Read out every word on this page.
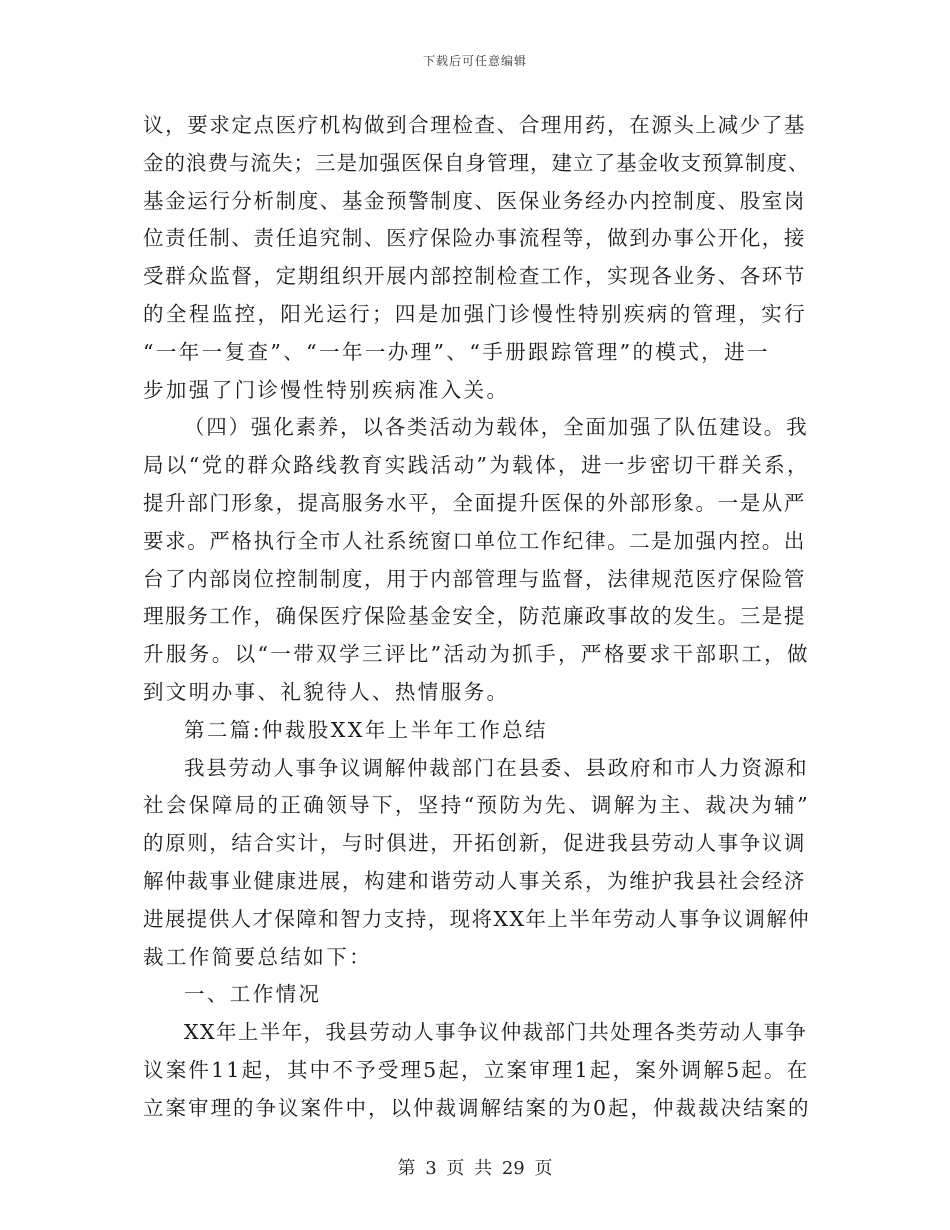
下载后可任意编辑
议，要求定点医疗机构做到合理检查、合理用药，在源头上减少了基
金的浪费与流失；三是加强医保自身管理，建立了基金收支预算制度、
基金运行分析制度、基金预警制度、医保业务经办内控制度、股室岗
位责任制、责任追究制、医疗保险办事流程等，做到办事公开化，接
受群众监督，定期组织开展内部控制检查工作，实现各业务、各环节
的全程监控，阳光运行；四是加强门诊慢性特别疾病的管理，实行
“一年一复查”、“一年一办理”、“手册跟踪管理”的模式，进一
步加强了门诊慢性特别疾病准入关。
（四）强化素养，以各类活动为载体，全面加强了队伍建设。我
局以“党的群众路线教育实践活动”为载体，进一步密切干群关系，
提升部门形象，提高服务水平，全面提升医保的外部形象。一是从严
要求。严格执行全市人社系统窗口单位工作纪律。二是加强内控。出
台了内部岗位控制制度，用于内部管理与监督，法律规范医疗保险管
理服务工作，确保医疗保险基金安全，防范廉政事故的发生。三是提
升服务。以“一带双学三评比”活动为抓手，严格要求干部职工，做
到文明办事、礼貌待人、热情服务。
第二篇:仲裁股XX年上半年工作总结
我县劳动人事争议调解仲裁部门在县委、县政府和市人力资源和
社会保障局的正确领导下，坚持“预防为先、调解为主、裁决为辅”
的原则，结合实计，与时俱进，开拓创新，促进我县劳动人事争议调
解仲裁事业健康进展，构建和谐劳动人事关系，为维护我县社会经济
进展提供人才保障和智力支持，现将XX年上半年劳动人事争议调解仲
裁工作简要总结如下：
一、工作情况
XX年上半年，我县劳动人事争议仲裁部门共处理各类劳动人事争
议案件11起，其中不予受理5起，立案审理1起，案外调解5起。在
立案审理的争议案件中，以仲裁调解结案的为0起，仲裁裁决结案的
第 3 页 共 29 页
